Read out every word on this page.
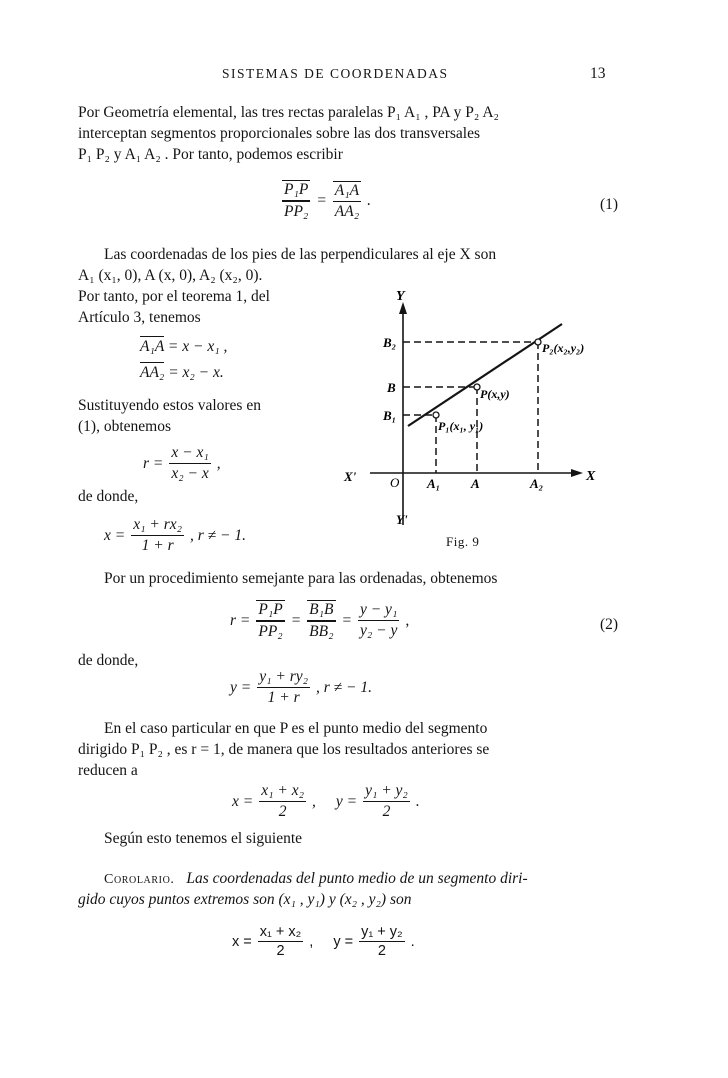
SISTEMAS DE COORDENADAS	13
Por Geometría elemental, las tres rectas paralelas P₁ A₁ , PA y P₂ A₂
interceptan segmentos proporcionales sobre las dos transversales
P₁ P₂ y A₁ A₂ . Por tanto, podemos escribir
$\frac{\text{P₁P}}{\text{PP₂}} = \frac{\text{A₁A}}{\text{AA₂}}$ .	(1)
Las coordenadas de los pies de las perpendiculares al eje X son
A₁ (x₁, 0), A (x, 0), A₂ (x₂, 0).
Por tanto, por el teorema 1, del
Artículo 3, tenemos
A₁A = x − x₁ ,
AA₂ = x₂ − x.
Sustituyendo estos valores en
(1), obtenemos
$r = \frac{\text{x − x₁}}{\text{x₂ − x}}$ ,
de donde,
$x = \frac{\text{x₁ + rx₂}}{1 + r}$ , r ≠ − 1.
Y
Y'
X
X'	O A₁ A	A₂
B₂
B
B₁
P(x,y)
P₁(x₁, y₁)
P₂(x₂,y₂)
Fig. 9
Por un procedimiento semejante para las ordenadas, obtenemos
$r = \frac{\text{P₁P}}{\text{PP₂}} = \frac{\text{B₁B}}{\text{BB₂}} = \frac{\text{y − y₁}}{\text{y₂ − y}}$ ,	(2)
de donde,
$y = \frac{\text{y₁ + ry₂}}{1 + r}$ , r ≠ − 1.
En el caso particular en que P es el punto medio del segmento
dirigido P₁ P₂ , es r = 1, de manera que los resultados anteriores se
reducen a
$x = \frac{\text{x₁ + x₂}}{2}$ , $y = \frac{\text{y₁ + y₂}}{2}$ .
Según esto tenemos el siguiente
Corolario. Las coordenadas del punto medio de un segmento diri-
gido cuyos puntos extremos son (x₁ , y₁) y (x₂ , y₂) son
$x = \frac{\text{x₁ + x₂}}{2}$ , $y = \frac{\text{y₁ + y₂}}{2}$ .
